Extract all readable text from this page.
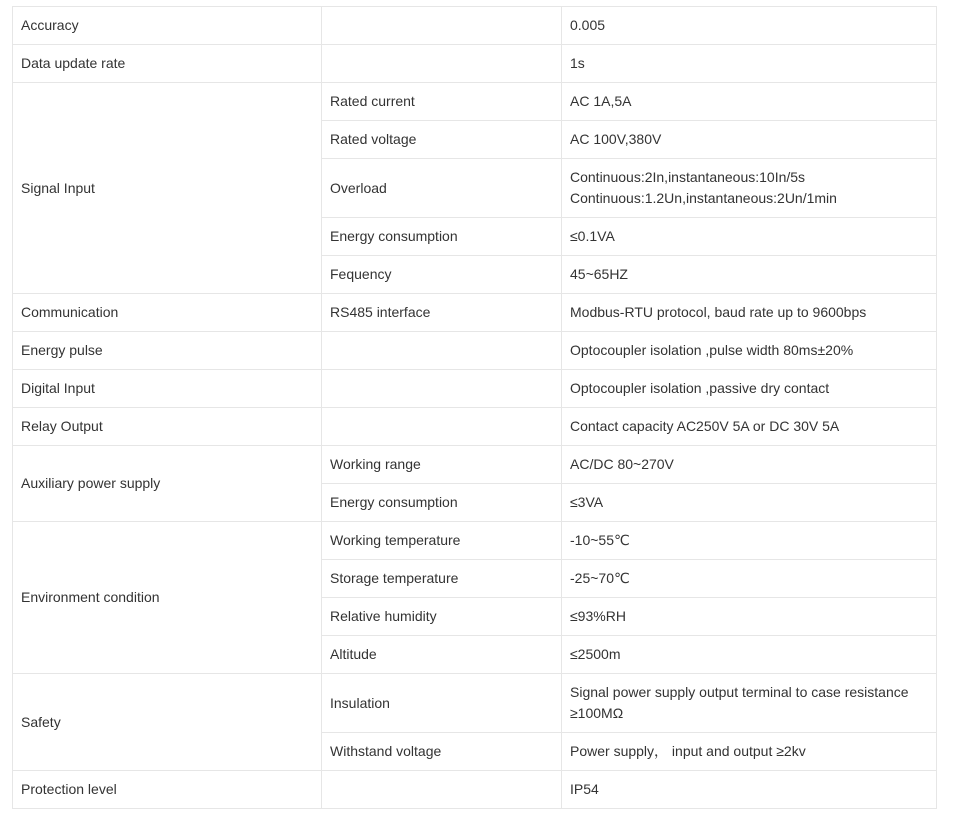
Accuracy		0.005
Data update rate		1s
Signal Input	Rated current	AC 1A,5A
	Rated voltage	AC 100V,380V
	Overload	Continuous:2In,instantaneous:10In/5s
Continuous:1.2Un,instantaneous:2Un/1min

	Energy consumption	≤0.1VA
	Fequency	45~65HZ
Communication	RS485 interface	Modbus-RTU protocol, baud rate up to 9600bps
Energy pulse		Optocoupler isolation ,pulse width 80ms±20%
Digital Input		Optocoupler isolation ,passive dry contact
Relay Output		Contact capacity AC250V 5A or DC 30V 5A
Auxiliary power supply	Working range	AC/DC 80~270V
	Energy consumption	≤3VA
Environment condition	Working temperature	-10~55℃
	Storage temperature	-25~70℃
	Relative humidity	≤93%RH
	Altitude	≤2500m
Safety	Insulation	Signal power supply output terminal to case resistance
≥100MΩ

	Withstand voltage	Power supply， input and output ≥2kv
Protection level		IP54
